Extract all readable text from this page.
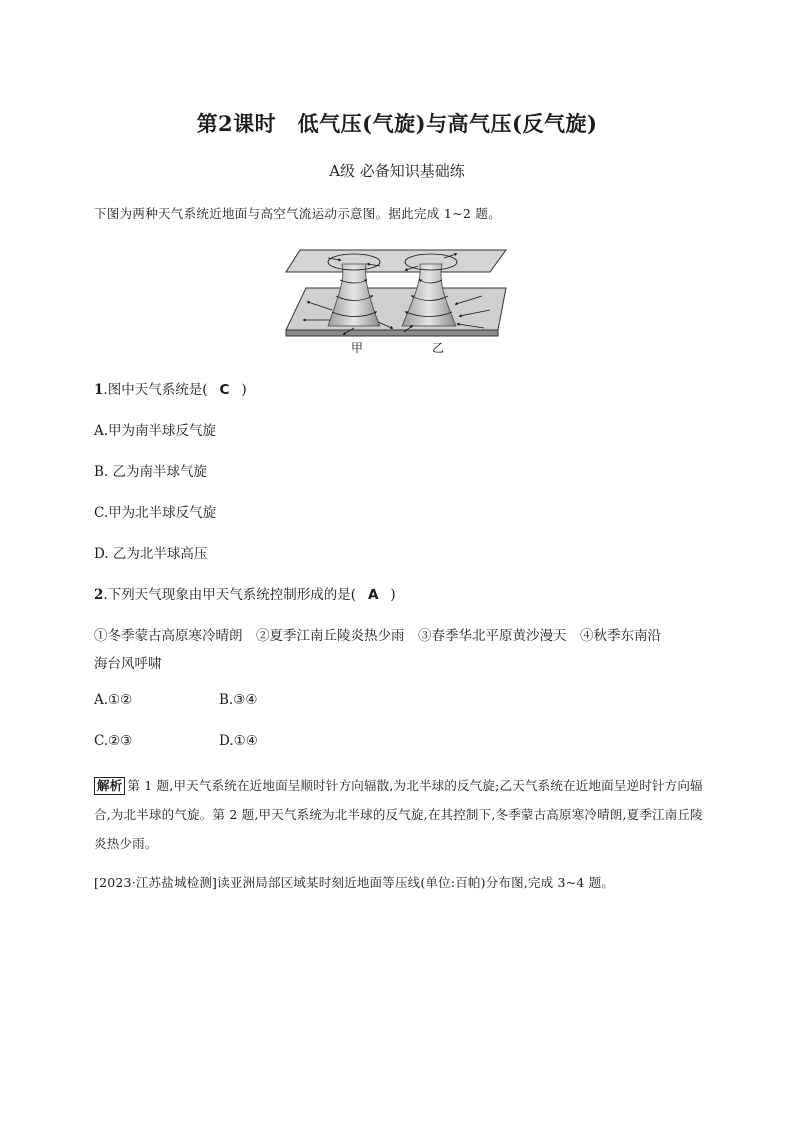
第2课时　低气压(气旋)与高气压(反气旋)
A级 必备知识基础练
下图为两种天气系统近地面与高空气流运动示意图。据此完成 1~2 题。
甲	乙
1.图中天气系统是( C )
A.甲为南半球反气旋
B. 乙为南半球气旋
C.甲为北半球反气旋
D. 乙为北半球高压
2.下列天气现象由甲天气系统控制形成的是( A )
①冬季蒙古高原寒冷晴朗　②夏季江南丘陵炎热少雨　③春季华北平原黄沙漫天　④秋季东南沿
海台风呼啸
A.①②	B.③④
C.②③	D.①④
解析 第 1 题,甲天气系统在近地面呈顺时针方向辐散,为北半球的反气旋;乙天气系统在近地面呈逆时针方向辐合,为北半球的气旋。第 2 题,甲天气系统为北半球的反气旋,在其控制下,冬季蒙古高原寒冷晴朗,夏季江南丘陵炎热少雨。
[2023·江苏盐城检测]读亚洲局部区域某时刻近地面等压线(单位:百帕)分布图,完成 3~4 题。
